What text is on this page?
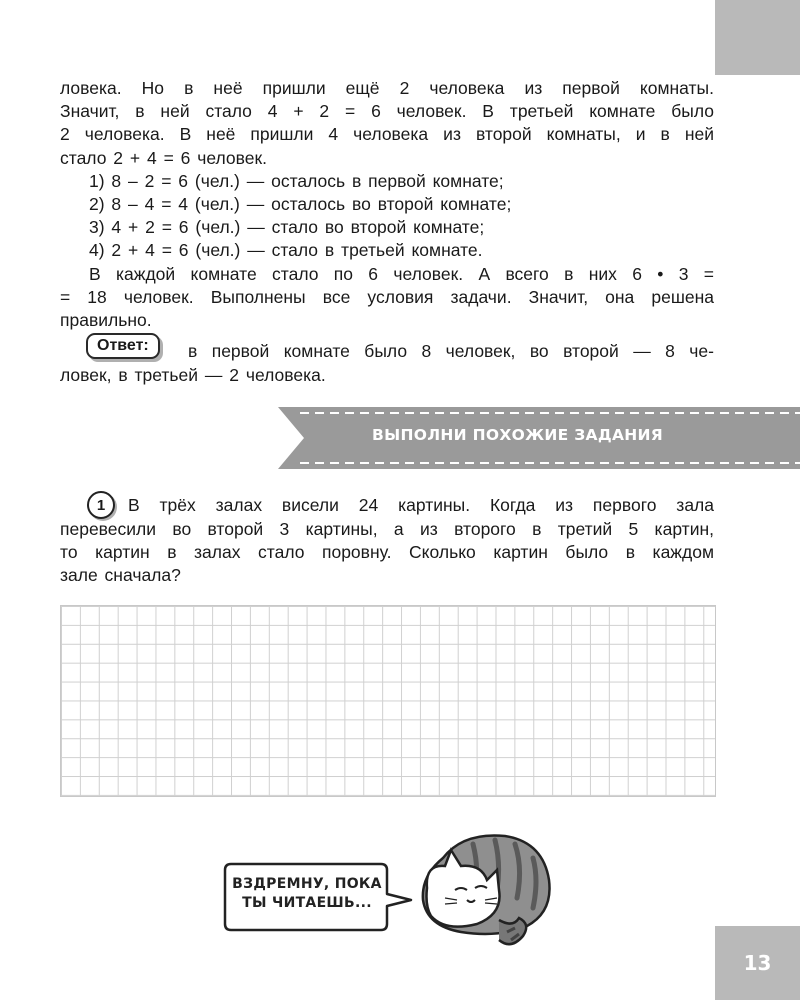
ловека. Но в неё пришли ещё 2 человека из первой комнаты.
Значит, в ней стало 4 + 2 = 6 человек. В третьей комнате было
2 человека. В неё пришли 4 человека из второй комнаты, и в ней
стало 2 + 4 = 6 человек.
1) 8 – 2 = 6 (чел.) — осталось в первой комнате;
2) 8 – 4 = 4 (чел.) — осталось во второй комнате;
3) 4 + 2 = 6 (чел.) — стало во второй комнате;
4) 2 + 4 = 6 (чел.) — стало в третьей комнате.
В каждой комнате стало по 6 человек. А всего в них 6 • 3 =
= 18 человек. Выполнены все условия задачи. Значит, она решена
правильно.
Ответ:	в первой комнате было 8 человек, во второй — 8 че-
ловек, в третьей — 2 человека.
ВЫПОЛНИ ПОХОЖИЕ ЗАДАНИЯ
1	В трёх залах висели 24 картины. Когда из первого зала
перевесили во второй 3 картины, а из второго в третий 5 картин,
то картин в залах стало поровну. Сколько картин было в каждом
зале сначала?
ВЗДРЕМНУ, ПОКА
ТЫ ЧИТАЕШЬ...
13
